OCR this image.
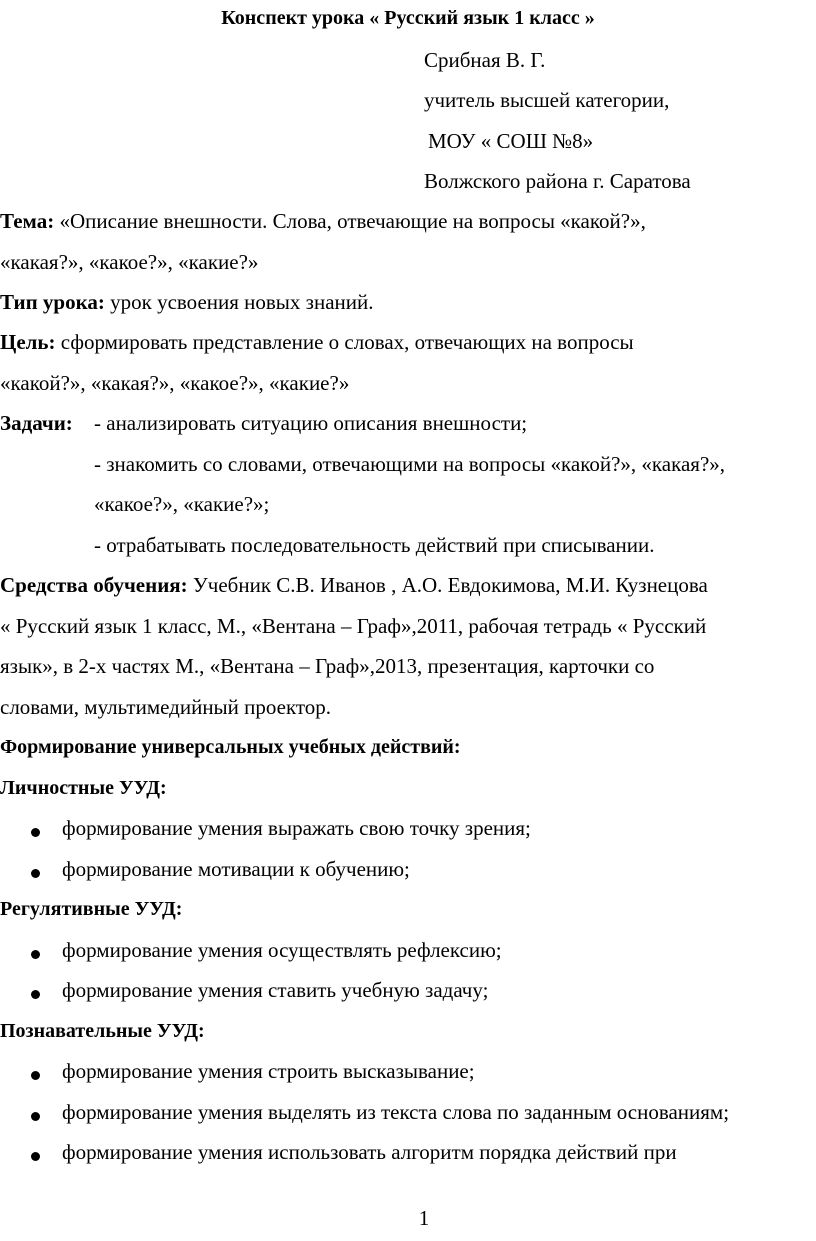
Конспект урока « Русский язык 1 класс »
Срибная В. Г.
учитель высшей категории,
МОУ « СОШ №8»
Волжского района г. Саратова
Тема: «Описание внешности. Слова, отвечающие на вопросы «какой?»,
«какая?», «какое?», «какие?»
Тип урока: урок усвоения новых знаний.
Цель: сформировать представление о словах, отвечающих на вопросы
«какой?», «какая?», «какое?», «какие?»
Задачи: - анализировать ситуацию описания внешности;
- знакомить со словами, отвечающими на вопросы «какой?», «какая?»,
«какое?», «какие?»;
- отрабатывать последовательность действий при списывании.
Средства обучения: Учебник С.В. Иванов , А.О. Евдокимова, М.И. Кузнецова
« Русский язык 1 класс, М., «Вентана – Граф»,2011, рабочая тетрадь « Русский
язык», в 2-х частях М., «Вентана – Граф»,2013, презентация, карточки со
словами, мультимедийный проектор.
Формирование универсальных учебных действий:
Личностные УУД:
формирование умения выражать свою точку зрения;
формирование мотивации к обучению;
Регулятивные УУД:
формирование умения осуществлять рефлексию;
формирование умения ставить учебную задачу;
Познавательные УУД:
формирование умения строить высказывание;
формирование умения выделять из текста слова по заданным основаниям;
формирование умения использовать алгоритм порядка действий при
1
